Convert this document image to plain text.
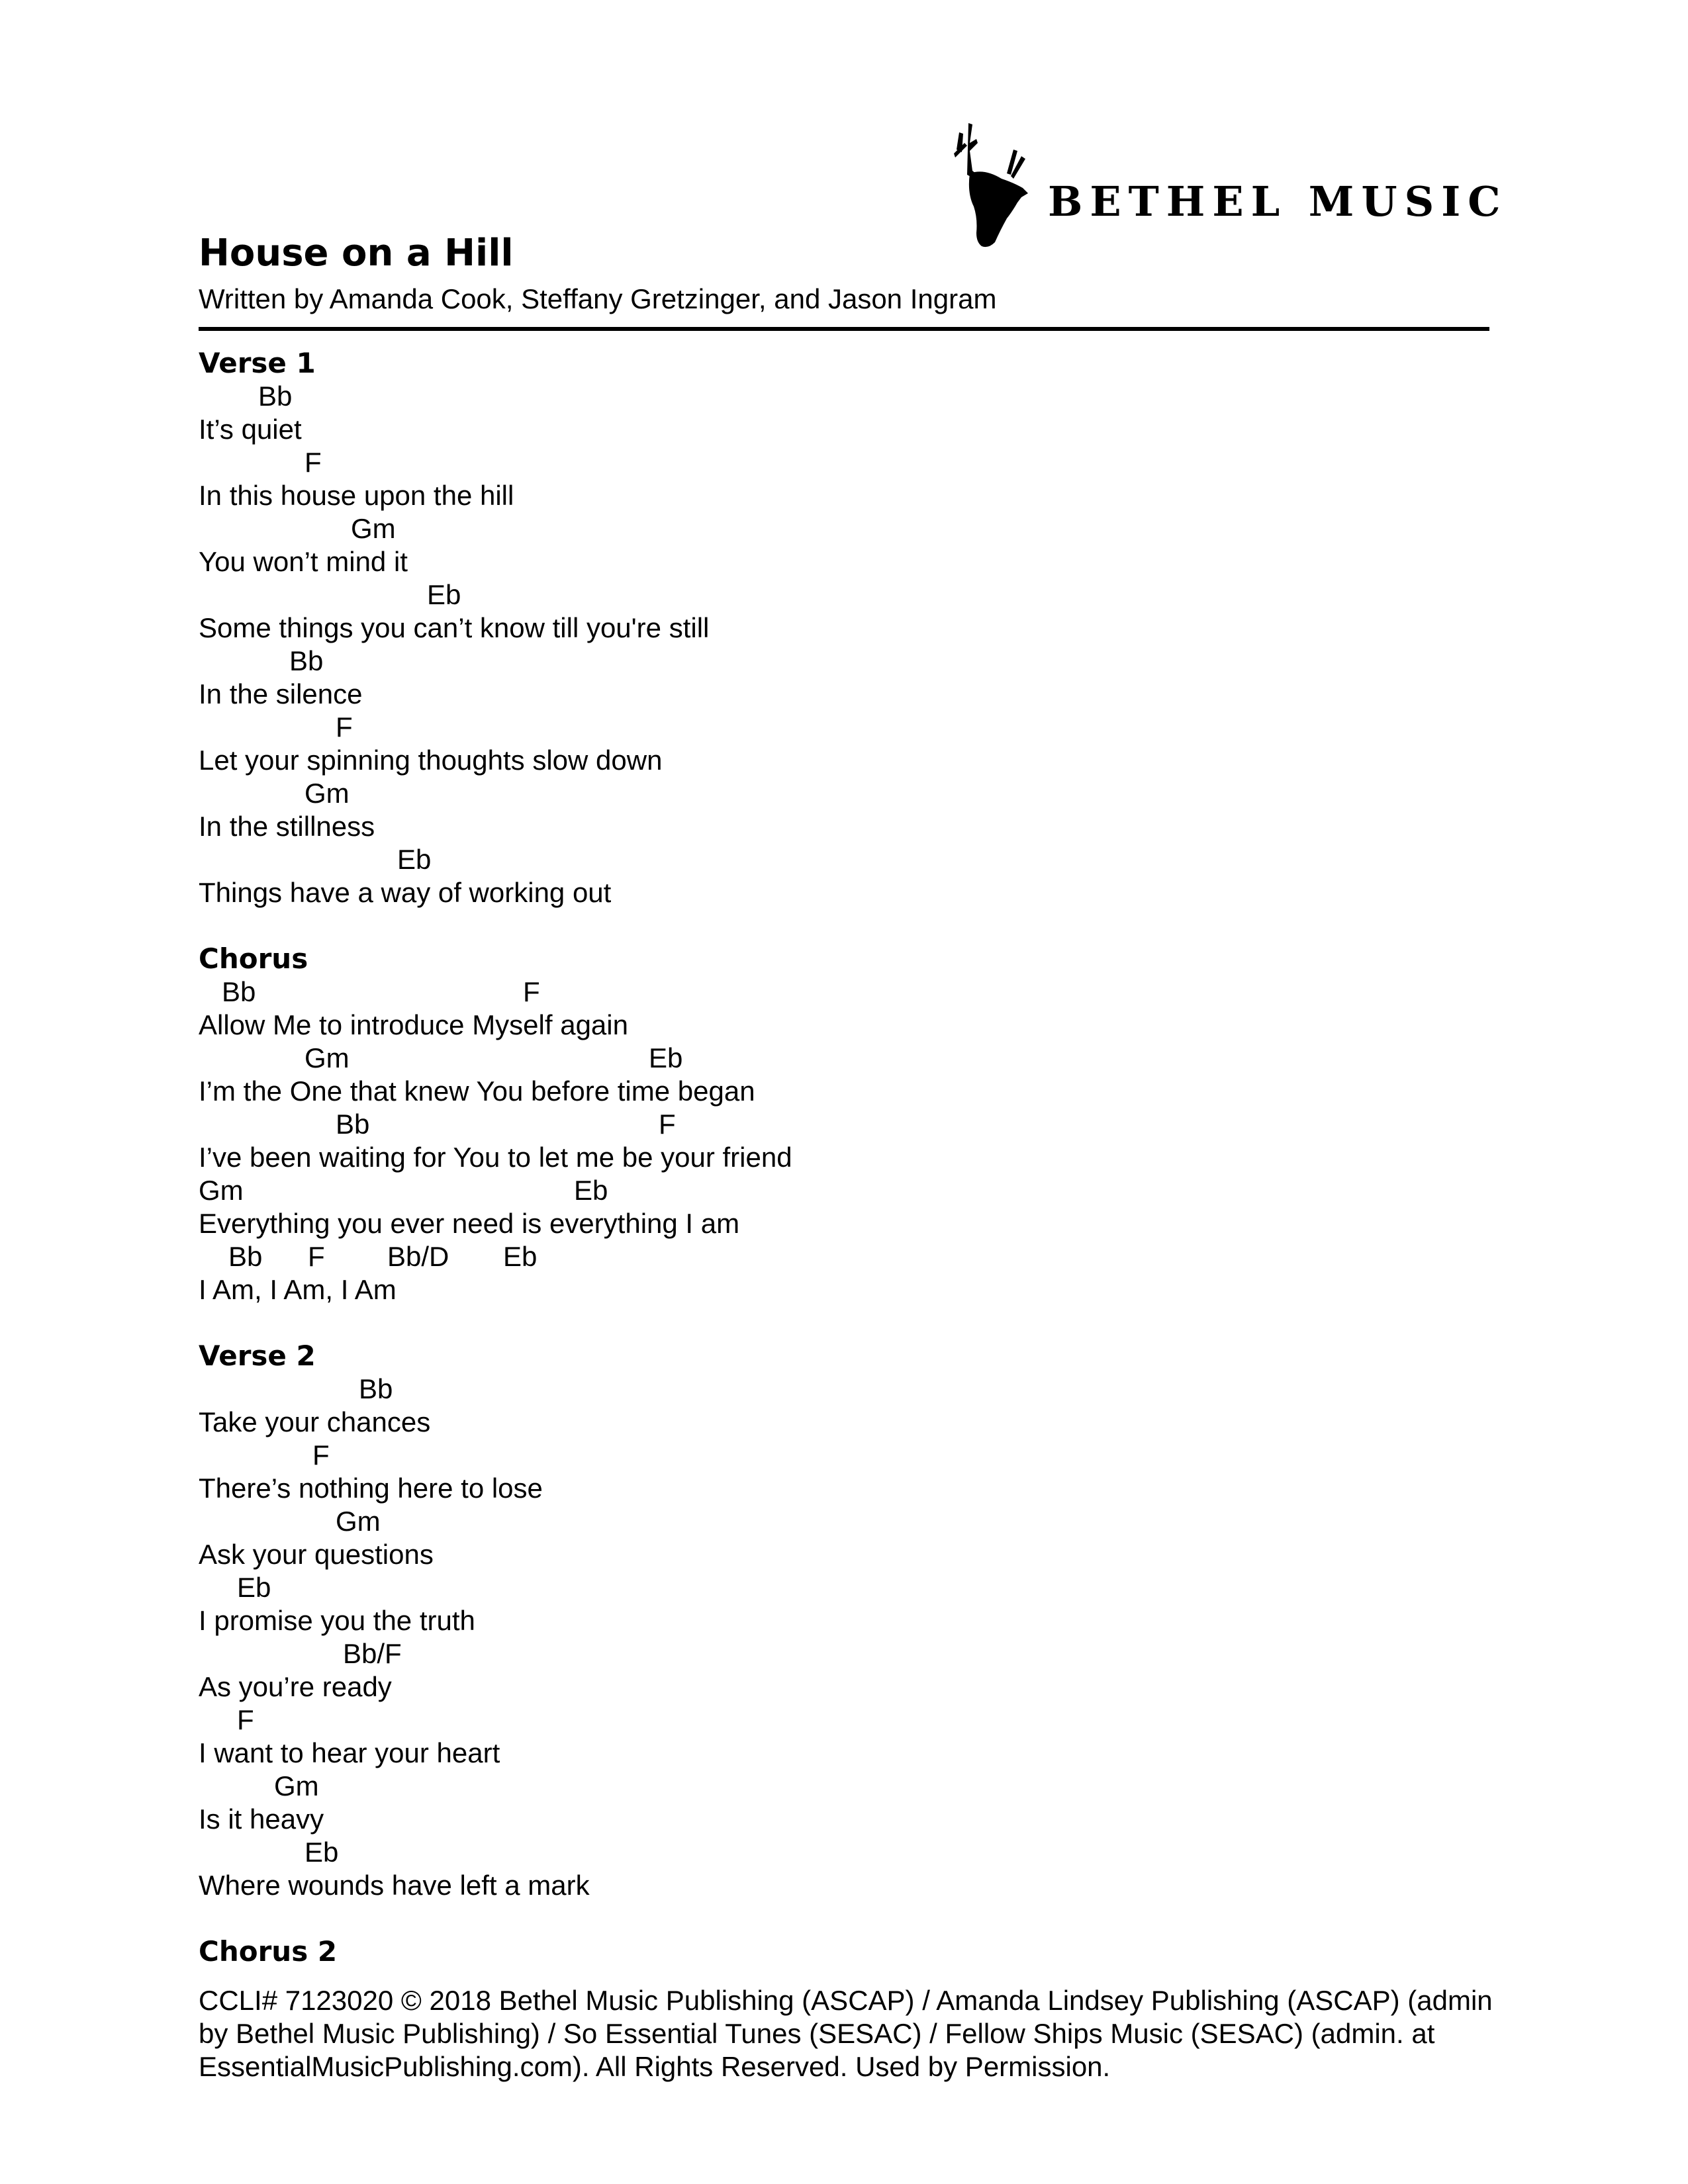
BETHEL MUSIC
House on a Hill
Written by Amanda Cook, Steffany Gretzinger, and Jason Ingram
Verse 1
Bb
It’s quiet
F
In this house upon the hill
Gm
You won’t mind it
Eb
Some things you can’t know till you're still
Bb
In the silence
F
Let your spinning thoughts slow down
Gm
In the stillness
Eb
Things have a way of working out
Chorus

Bb

	F

Allow Me to introduce Myself again

Gm

	Eb

I’m the One that knew You before time began

Bb

	F

I’ve been waiting for You to let me be your friend

Gm

	Eb

Everything you ever need is everything I am

Bb

F

Bb/D

Eb

I Am, I Am, I Am
Verse 2
Bb
Take your chances
F
There’s nothing here to lose
Gm
Ask your questions
Eb
I promise you the truth
Bb/F
As you’re ready
F
I want to hear your heart
Gm
Is it heavy
Eb
Where wounds have left a mark
Chorus 2
CCLI# 7123020 © 2018 Bethel Music Publishing (ASCAP) / Amanda Lindsey Publishing (ASCAP) (admin by Bethel Music Publishing) / So Essential Tunes (SESAC) / Fellow Ships Music (SESAC) (admin. at EssentialMusicPublishing.com). All Rights Reserved. Used by Permission.
